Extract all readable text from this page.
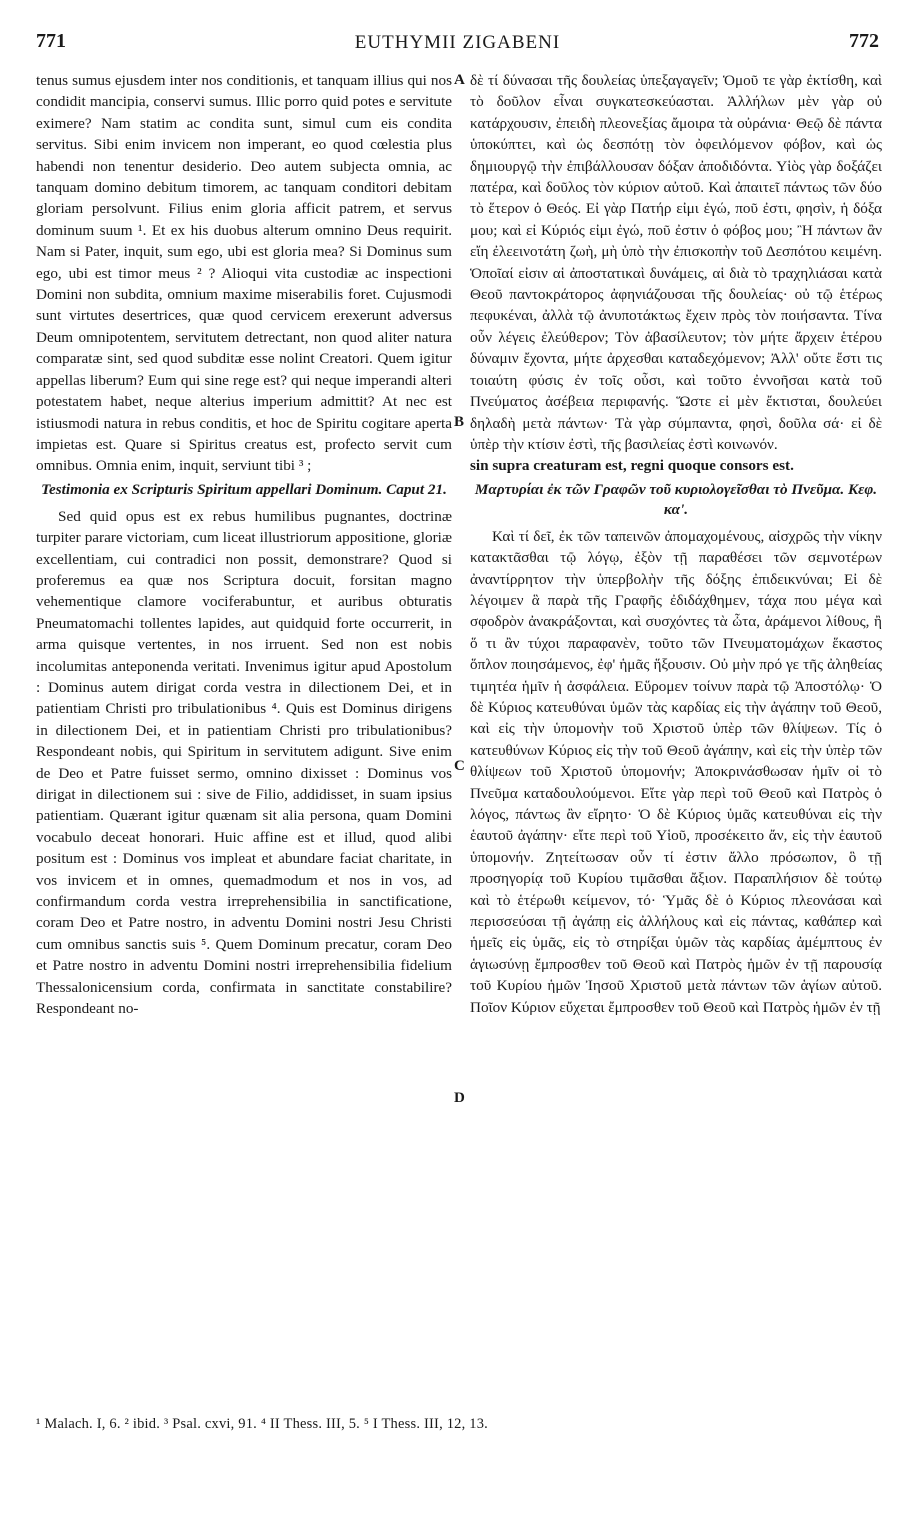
771	EUTHYMII ZIGABENI	772

tenus sumus ejusdem inter nos conditionis, et tanquam illius qui nos condidit mancipia, conservi sumus. Illic porro quid potes e servitute eximere? Nam statim ac condita sunt, simul cum eis condita servitus. Sibi enim invicem non imperant, eo quod cœlestia plus habendi non tenentur desiderio. Deo autem subjecta omnia, ac tanquam domino debitum timorem, ac tanquam conditori debitam gloriam persolvunt. Filius enim gloria afficit patrem, et servus dominum suum ¹. Et ex his duobus alterum omnino Deus requirit. Nam si Pater, inquit, sum ego, ubi est gloria mea? Si Dominus sum ego, ubi est timor meus ² ? Alioqui vita custodiæ ac inspectioni Domini non subdita, omnium maxime miserabilis foret. Cujusmodi sunt virtutes desertrices, quæ quod cervicem erexerunt adversus Deum omnipotentem, servitutem detrectant, non quod aliter natura comparatæ sint, sed quod subditæ esse nolint Creatori. Quem igitur appellas liberum? Eum qui sine rege est? qui neque imperandi alteri potestatem habet, neque alterius imperium admittit? At nec est istiusmodi natura in rebus conditis, et hoc de Spiritu cogitare aperta impietas est. Quare si Spiritus creatus est, profecto servit cum omnibus. Omnia enim, inquit, serviunt tibi ³ ;

Testimonia ex Scripturis Spiritum appellari Dominum. Caput 21.

Sed quid opus est ex rebus humilibus pugnantes, doctrinæ turpiter parare victoriam, cum liceat illustriorum appositione, gloriæ excellentiam, cui contradici non possit, demonstrare? Quod si proferemus ea quæ nos Scriptura docuit, forsitan magno vehementique clamore vociferabuntur, et auribus obturatis Pneumatomachi tollentes lapides, aut quidquid forte occurrerit, in arma quisque vertentes, in nos irruent. Sed non est nobis incolumitas anteponenda veritati. Invenimus igitur apud Apostolum : Dominus autem dirigat corda vestra in dilectionem Dei, et in patientiam Christi pro tribulationibus ⁴. Quis est Dominus dirigens in dilectionem Dei, et in patientiam Christi pro tribulationibus? Respondeant nobis, qui Spiritum in servitutem adigunt. Sive enim de Deo et Patre fuisset sermo, omnino dixisset : Dominus vos dirigat in dilectionem sui : sive de Filio, addidisset, in suam ipsius patientiam. Quærant igitur quænam sit alia persona, quam Domini vocabulo deceat honorari. Huic affine est et illud, quod alibi positum est : Dominus vos impleat et abundare faciat charitate, in vos invicem et in omnes, quemadmodum et nos in vos, ad confirmandum corda vestra irreprehensibilia in sanctificatione, coram Deo et Patre nostro, in adventu Domini nostri Jesu Christi cum omnibus sanctis suis ⁵. Quem Dominum precatur, coram Deo et Patre nostro in adventu Domini nostri irreprehensibilia fidelium Thessalonicensium corda, confirmata in sanctitate constabilire? Respondeant no-

δὲ τί δύνασαι τῆς δουλείας ὑπεξαγαγεῖν; Ὁμοῦ τε γὰρ ἐκτίσθη, καὶ τὸ δοῦλον εἶναι συγκατεσκεύασται. Ἀλλήλων μὲν γὰρ οὐ κατάρχουσιν, ἐπειδὴ πλεονεξίας ἄμοιρα τὰ οὐράνια· Θεῷ δὲ πάντα ὑποκύπτει, καὶ ὡς δεσπότῃ τὸν ὀφειλόμενον φόβον, καὶ ὡς δημιουργῷ τὴν ἐπιβάλλουσαν δόξαν ἀποδιδόντα. Υἱὸς γὰρ δοξάζει πατέρα, καὶ δοῦλος τὸν κύριον αὐτοῦ. Καὶ ἀπαιτεῖ πάντως τῶν δύο τὸ ἕτερον ὁ Θεός. Εἰ γὰρ Πατήρ εἰμι ἐγώ, ποῦ ἐστι, φησὶν, ἡ δόξα μου; καὶ εἰ Κύριός εἰμι ἐγώ, ποῦ ἐστιν ὁ φόβος μου; Ἢ πάντων ἂν εἴη ἐλεεινοτάτη ζωὴ, μὴ ὑπὸ τὴν ἐπισκοπὴν τοῦ Δεσπότου κειμένη. Ὁποῖαί εἰσιν αἱ ἀποστατικαὶ δυνάμεις, αἱ διὰ τὸ τραχηλιάσαι κατὰ Θεοῦ παντοκράτορος ἀφηνιάζουσαι τῆς δουλείας· οὐ τῷ ἑτέρως πεφυκέναι, ἀλλὰ τῷ ἀνυποτάκτως ἔχειν πρὸς τὸν ποιήσαντα. Τίνα οὖν λέγεις ἐλεύθερον; Τὸν ἀβασίλευτον; τὸν μήτε ἄρχειν ἑτέρου δύναμιν ἔχοντα, μήτε ἀρχεσθαι καταδεχόμενον; Ἀλλ' οὔτε ἔστι τις τοιαύτη φύσις ἐν τοῖς οὖσι, καὶ τοῦτο ἐννοῆσαι κατὰ τοῦ Πνεύματος ἀσέβεια περιφανής. Ὥστε εἰ μὲν ἔκτισται, δουλεύει δηλαδὴ μετὰ πάντων· Τὰ γὰρ σύμπαντα, φησὶ, δοῦλα σά· εἰ δὲ ὑπὲρ τὴν κτίσιν ἐστὶ, τῆς βασιλείας ἐστὶ κοινωνόν.

sin supra creaturam est, regni quoque consors est.

Μαρτυρίαι ἐκ τῶν Γραφῶν τοῦ κυριολογεῖσθαι τὸ Πνεῦμα. Κεφ. κα'.

Καὶ τί δεῖ, ἐκ τῶν ταπεινῶν ἀπομαχομένους, αἰσχρῶς τὴν νίκην κατακτᾶσθαι τῷ λόγῳ, ἐξὸν τῇ παραθέσει τῶν σεμνοτέρων ἀναντίρρητον τὴν ὑπερβολὴν τῆς δόξης ἐπιδεικνύναι; Εἰ δὲ λέγοιμεν ἃ παρὰ τῆς Γραφῆς ἐδιδάχθημεν, τάχα που μέγα καὶ σφοδρὸν ἀνακράξονται, καὶ συσχόντες τὰ ὦτα, ἀράμενοι λίθους, ἢ ὅ τι ἂν τύχοι παραφανὲν, τοῦτο τῶν Πνευματομάχων ἕκαστος ὅπλον ποιησάμενος, ἐφ' ἡμᾶς ἥξουσιν. Οὐ μὴν πρό γε τῆς ἀληθείας τιμητέα ἡμῖν ἡ ἀσφάλεια. Εὕρομεν τοίνυν παρὰ τῷ Ἀποστόλῳ· Ὁ δὲ Κύριος κατευθύναι ὑμῶν τὰς καρδίας εἰς τὴν ἀγάπην τοῦ Θεοῦ, καὶ εἰς τὴν ὑπομονὴν τοῦ Χριστοῦ ὑπὲρ τῶν θλίψεων. Τίς ὁ κατευθύνων Κύριος εἰς τὴν τοῦ Θεοῦ ἀγάπην, καὶ εἰς τὴν ὑπὲρ τῶν θλίψεων τοῦ Χριστοῦ ὑπομονήν; Ἀποκρινάσθωσαν ἡμῖν οἱ τὸ Πνεῦμα καταδουλούμενοι. Εἴτε γὰρ περὶ τοῦ Θεοῦ καὶ Πατρὸς ὁ λόγος, πάντως ἂν εἴρητο· Ὁ δὲ Κύριος ὑμᾶς κατευθύναι εἰς τὴν ἑαυτοῦ ἀγάπην· εἴτε περὶ τοῦ Υἱοῦ, προσέκειτο ἄν, εἰς τὴν ἑαυτοῦ ὑπομονήν. Ζητείτωσαν οὖν τί ἐστιν ἄλλο πρόσωπον, ὃ τῇ προσηγορίᾳ τοῦ Κυρίου τιμᾶσθαι ἄξιον. Παραπλήσιον δὲ τούτῳ καὶ τὸ ἑτέρωθι κείμενον, τό· Ὑμᾶς δὲ ὁ Κύριος πλεονάσαι καὶ περισσεύσαι τῇ ἀγάπῃ εἰς ἀλλήλους καὶ εἰς πάντας, καθάπερ καὶ ἡμεῖς εἰς ὑμᾶς, εἰς τὸ στηρίξαι ὑμῶν τὰς καρδίας ἀμέμπτους ἐν ἁγιωσύνῃ ἔμπροσθεν τοῦ Θεοῦ καὶ Πατρὸς ἡμῶν ἐν τῇ παρουσίᾳ τοῦ Κυρίου ἡμῶν Ἰησοῦ Χριστοῦ μετὰ πάντων τῶν ἁγίων αὐτοῦ. Ποῖον Κύριον εὔχεται ἔμπροσθεν τοῦ Θεοῦ καὶ Πατρὸς ἡμῶν ἐν τῇ

A
B
C
D
¹ Malach. I, 6. ² ibid. ³ Psal. cxvi, 91. ⁴ II Thess. III, 5. ⁵ I Thess. III, 12, 13.
